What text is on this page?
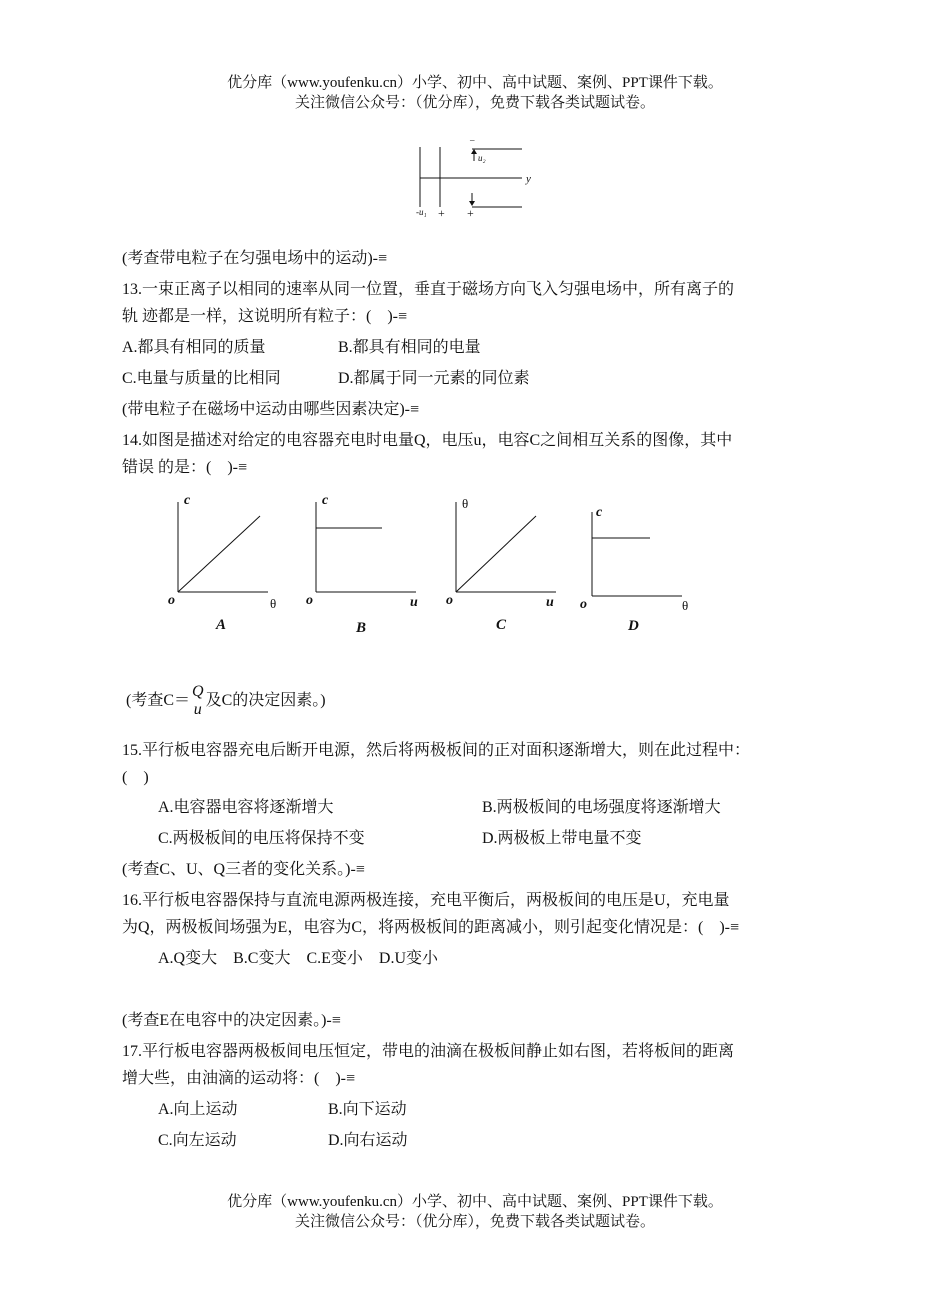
优分库（www.youfenku.cn）小学、初中、高中试题、案例、PPT课件下载。
关注微信公众号：（优分库），免费下载各类试题试卷。
–
u₂
y
-u₁ + +
(考查带电粒子在匀强电场中的运动)-≡
13.一束正离子以相同的速率从同一位置，垂直于磁场方向飞入匀强电场中，所有离子的
轨 迹都是一样，这说明所有粒子：(　)-≡
A.都具有相同的质量	B.都具有相同的电量
C.电量与质量的比相同	D.都属于同一元素的同位素
(带电粒子在磁场中运动由哪些因素决定)-≡
14.如图是描述对给定的电容器充电时电量Q，电压u，电容C之间相互关系的图像，其中
错误 的是：(　)-≡
c
o	θ
A
c
o	u
B
θ
o	u
C
c
o	θ
D
(考查C＝
Q
u
及C的决定因素。)
15.平行板电容器充电后断开电源，然后将两极板间的正对面积逐渐增大，则在此过程中：
(　)
A.电容器电容将逐渐增大	B.两极板间的电场强度将逐渐增大
C.两极板间的电压将保持不变	D.两极板上带电量不变
(考查C、U、Q三者的变化关系。)-≡
16.平行板电容器保持与直流电源两极连接，充电平衡后，两极板间的电压是U，充电量
为Q，两极板间场强为E，电容为C，将两极板间的距离减小，则引起变化情况是：(　)-≡
A.Q变大　B.C变大　C.E变小　D.U变小
(考查E在电容中的决定因素。)-≡
17.平行板电容器两极板间电压恒定，带电的油滴在极板间静止如右图，若将板间的距离
增大些，由油滴的运动将：(　)-≡
A.向上运动	B.向下运动
C.向左运动	D.向右运动
优分库（www.youfenku.cn）小学、初中、高中试题、案例、PPT课件下载。
关注微信公众号：（优分库），免费下载各类试题试卷。
